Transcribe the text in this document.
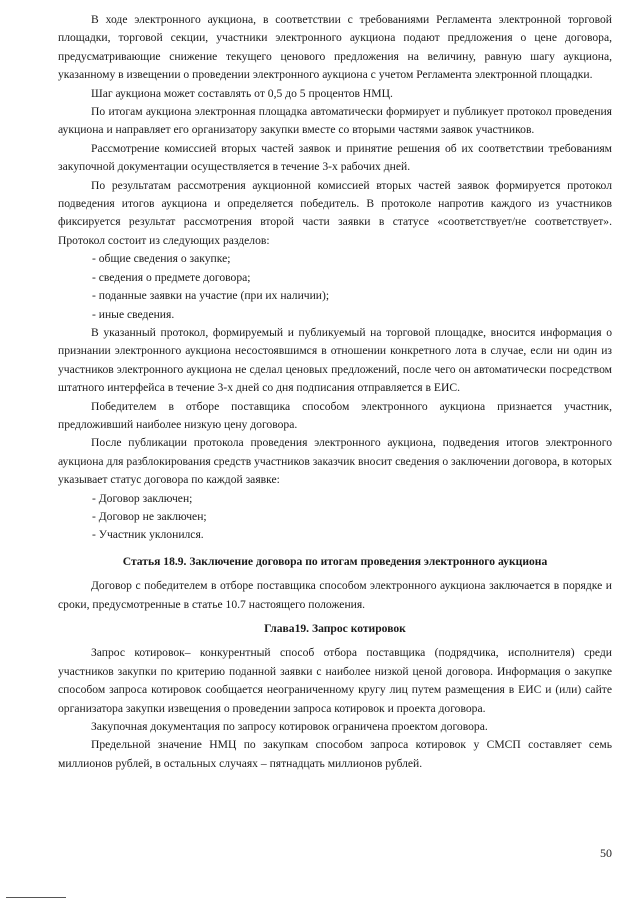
В ходе электронного аукциона, в соответствии с требованиями Регламента электронной торговой площадки, торговой секции, участники электронного аукциона подают предложения о цене договора, предусматривающие снижение текущего ценового предложения на величину, равную шагу аукциона, указанному в извещении о проведении электронного аукциона с учетом Регламента электронной площадки.

Шаг аукциона может составлять от 0,5 до 5 процентов НМЦ.

По итогам аукциона электронная площадка автоматически формирует и публикует протокол проведения аукциона и направляет его организатору закупки вместе со вторыми частями заявок участников.

Рассмотрение комиссией вторых частей заявок и принятие решения об их соответствии требованиям закупочной документации осуществляется в течение 3-х рабочих дней.

По результатам рассмотрения аукционной комиссией вторых частей заявок формируется протокол подведения итогов аукциона и определяется победитель. В протоколе напротив каждого из участников фиксируется результат рассмотрения второй части заявки в статусе «соответствует/не соответствует». Протокол состоит из следующих разделов:

- общие сведения о закупке;
- сведения о предмете договора;
- поданные заявки на участие (при их наличии);
- иные сведения.

В указанный протокол, формируемый и публикуемый на торговой площадке, вносится информация о признании электронного аукциона несостоявшимся в отношении конкретного лота в случае, если ни один из участников электронного аукциона не сделал ценовых предложений, после чего он автоматически посредством штатного интерфейса в течение 3-х дней со дня подписания отправляется в ЕИС.

Победителем в отборе поставщика способом электронного аукциона признается участник, предложивший наиболее низкую цену договора.

После публикации протокола проведения электронного аукциона, подведения итогов электронного аукциона для разблокирования средств участников заказчик вносит сведения о заключении договора, в которых указывает статус договора по каждой заявке:

- Договор заключен;
- Договор не заключен;
- Участник уклонился.
Статья 18.9. Заключение договора по итогам проведения электронного аукциона

Договор с победителем в отборе поставщика способом электронного аукциона заключается в порядке и сроки, предусмотренные в статье 10.7 настоящего положения.

Глава19. Запрос котировок

Запрос котировок– конкурентный способ отбора поставщика (подрядчика, исполнителя) среди участников закупки по критерию поданной заявки с наиболее низкой ценой договора. Информация о закупке способом запроса котировок сообщается неограниченному кругу лиц путем размещения в ЕИС и (или) сайте организатора закупки извещения о проведении запроса котировок и проекта договора.

Закупочная документация по запросу котировок ограничена проектом договора.

Предельной значение НМЦ по закупкам способом запроса котировок у СМСП составляет семь миллионов рублей, в остальных случаях – пятнадцать миллионов рублей.

50
